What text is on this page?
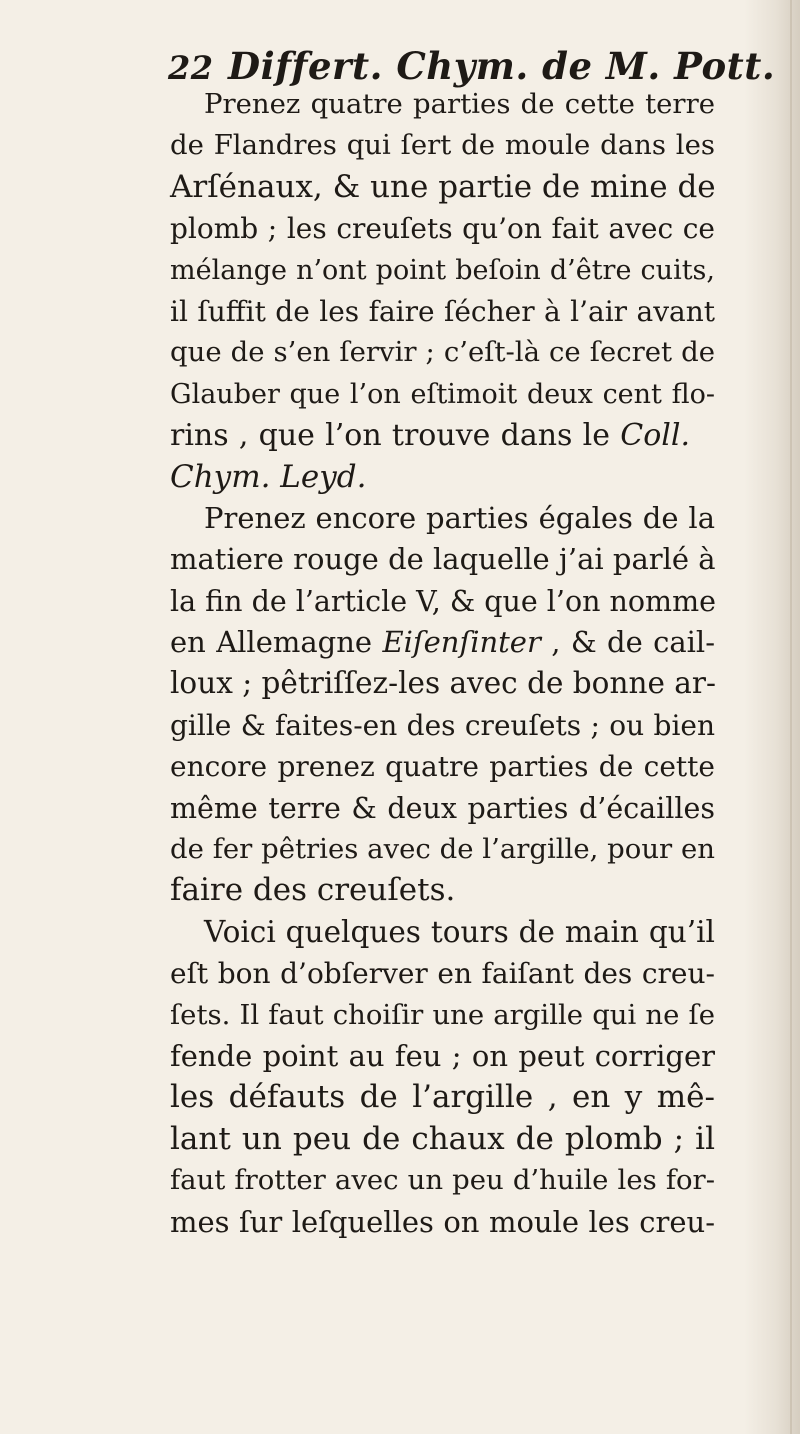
22 Differt. Chym. de M. Pott.
Prenez quatre parties de cette terre
de Flandres qui ſert de moule dans les
Arſénaux, & une partie de mine de
plomb ; les creuſets qu’on fait avec ce
mélange n’ont point beſoin d’être cuits,
il ſuffit de les faire ſécher à l’air avant
que de s’en ſervir ; c’eſt-là ce ſecret de
Glauber que l’on eſtimoit deux cent flo-
rins , que l’on trouve dans le Coll.
Chym. Leyd.
Prenez encore parties égales de la
matiere rouge de laquelle j’ai parlé à
la fin de l’article V, & que l’on nomme
en Allemagne Eiſenſinter , & de cail-
loux ; pêtriſſez-les avec de bonne ar-
gille & faites-en des creuſets ; ou bien
encore prenez quatre parties de cette
même terre & deux parties d’écailles
de fer pêtries avec de l’argille, pour en
faire des creuſets.
Voici quelques tours de main qu’il
eſt bon d’obſerver en faiſant des creu-
ſets. Il faut choiſir une argille qui ne ſe
fende point au feu ; on peut corriger
les défauts de l’argille , en y mê-
lant un peu de chaux de plomb ; il
faut frotter avec un peu d’huile les for-
mes ſur leſquelles on moule les creu-
